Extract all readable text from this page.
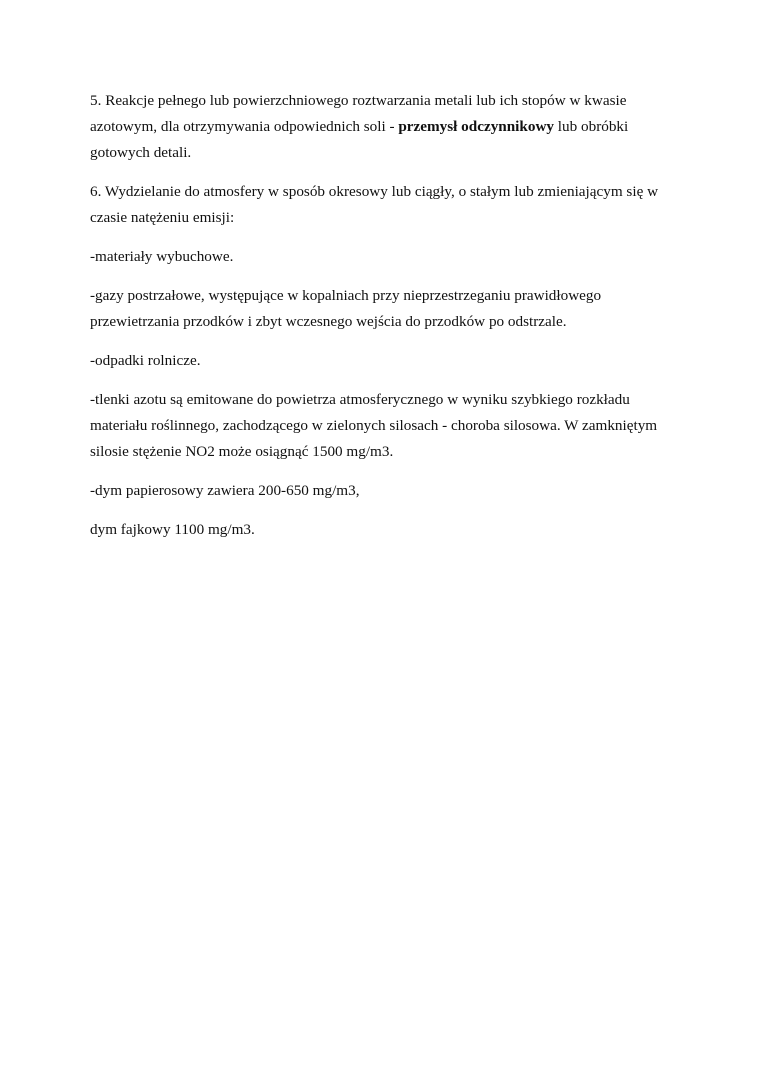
5. Reakcje pełnego lub powierzchniowego roztwarzania metali lub ich stopów w kwasie azotowym, dla otrzymywania odpowiednich soli - przemysł odczynnikowy lub obróbki gotowych detali.

6. Wydzielanie do atmosfery w sposób okresowy lub ciągły, o stałym lub zmieniającym się w czasie natężeniu emisji:

-materiały wybuchowe.

-gazy postrzałowe, występujące w kopalniach przy nieprzestrzeganiu prawidłowego przewietrzania przodków i zbyt wczesnego wejścia do przodków po odstrzale.

-odpadki rolnicze.

-tlenki azotu są emitowane do powietrza atmosferycznego w wyniku szybkiego rozkładu materiału roślinnego, zachodzącego w zielonych silosach - choroba silosowa. W zamkniętym silosie stężenie NO2 może osiągnąć 1500 mg/m3.

-dym papierosowy zawiera 200-650 mg/m3,

dym fajkowy 1100 mg/m3.
